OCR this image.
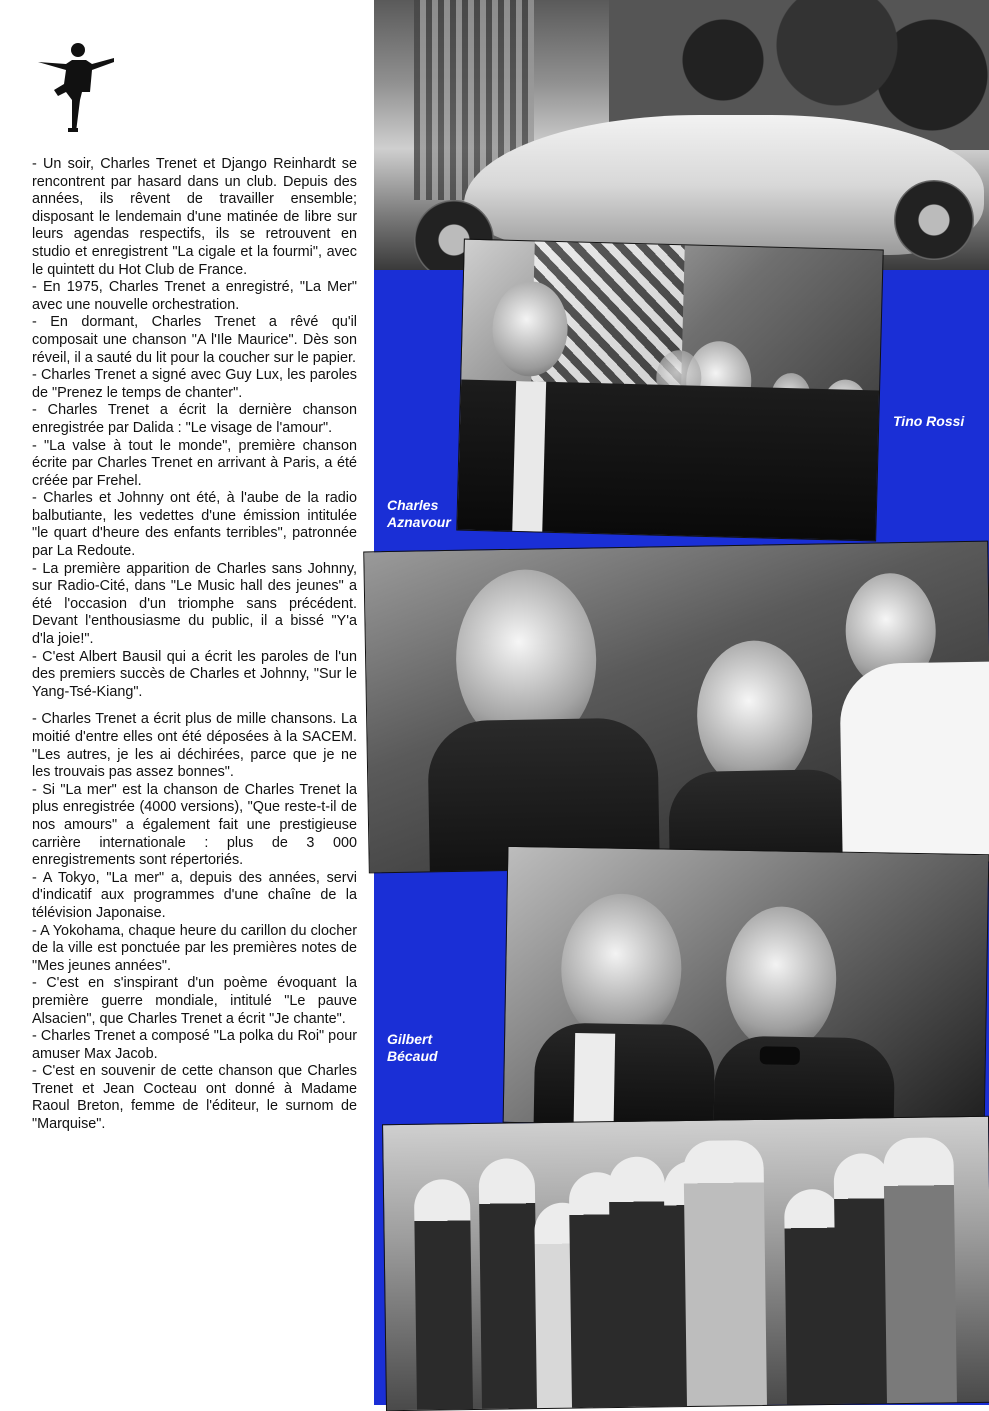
- Un soir, Charles Trenet et Django Reinhardt se rencontrent par hasard dans un club. Depuis des années, ils rêvent de travailler ensemble; disposant le lendemain d'une matinée de libre sur leurs agendas respectifs, ils se retrouvent en studio et enregistrent "La cigale et la fourmi", avec le quintett du Hot Club de France.

- En 1975, Charles Trenet a enregistré, "La Mer" avec une nouvelle orchestration.

- En dormant, Charles Trenet a rêvé qu'il composait une chanson "A l'Ile Maurice". Dès son réveil, il a sauté du lit pour la coucher sur le papier.

- Charles Trenet a signé avec Guy Lux, les paroles de "Prenez le temps de chanter".

- Charles Trenet a écrit la dernière chanson enregistrée par Dalida : "Le visage de l'amour".

- "La valse à tout le monde", première chanson écrite par Charles Trenet en arrivant à Paris, a été créée par Frehel.

- Charles et Johnny ont été, à l'aube de la radio balbutiante, les vedettes d'une émission intitulée "le quart d'heure des enfants terribles", patronnée par La Redoute.

- La première apparition de Charles sans Johnny, sur Radio-Cité, dans "Le Music hall des jeunes" a été l'occasion d'un triomphe sans précédent. Devant l'enthousiasme du public, il a bissé "Y'a d'la joie!".

- C'est Albert Bausil qui a écrit les paroles de l'un des premiers succès de Charles et Johnny, "Sur le Yang-Tsé-Kiang".

- Charles Trenet a écrit plus de mille chansons. La moitié d'entre elles ont été déposées à la SACEM. "Les autres, je les ai déchirées, parce que je ne les trouvais pas assez bonnes".

- Si "La mer" est la chanson de Charles Trenet la plus enregistrée (4000 versions), "Que reste-t-il de nos amours" a également fait une prestigieuse carrière internationale : plus de 3 000 enregistrements sont répertoriés.

- A Tokyo, "La mer" a, depuis des années, servi d'indicatif aux programmes d'une chaîne de la télévision Japonaise.

- A Yokohama, chaque heure du carillon du clocher de la ville est ponctuée par les premières notes de "Mes jeunes années".

- C'est en s'inspirant d'un poème évoquant la première guerre mondiale, intitulé "Le pauve Alsacien", que Charles Trenet a écrit "Je chante".

- Charles Trenet a composé "La polka du Roi" pour amuser Max Jacob.

- C'est en souvenir de cette chanson que Charles Trenet et Jean Cocteau ont donné à Madame Raoul Breton, femme de l'éditeur, le surnom de "Marquise".

Tino Rossi
Charles
Aznavour
Gilbert
Bécaud
